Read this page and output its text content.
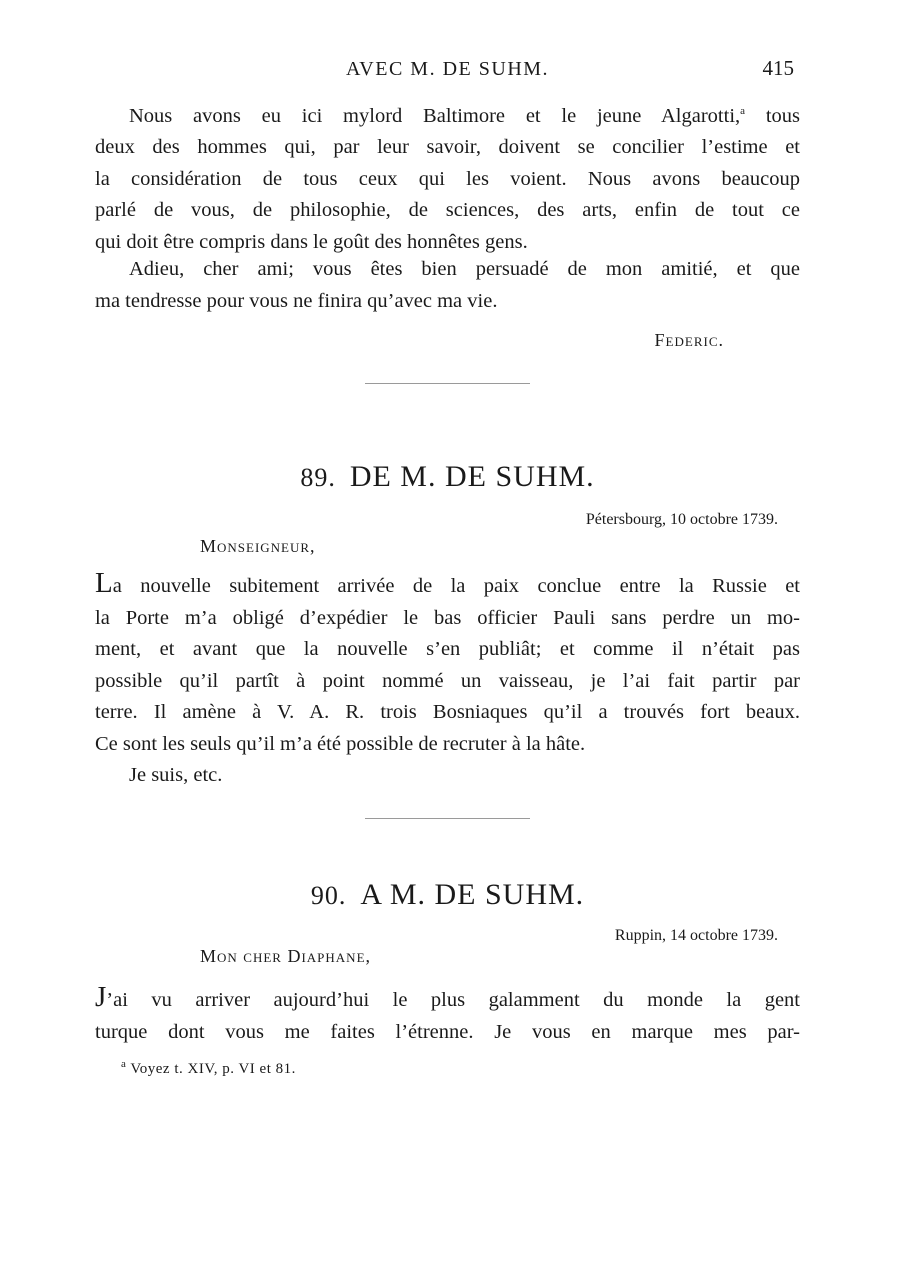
AVEC M. DE SUHM.	415
Nous avons eu ici mylord Baltimore et le jeune Algarotti,$^a$ tous
deux des hommes qui, par leur savoir, doivent se concilier l’estime et
la considération de tous ceux qui les voient. Nous avons beaucoup
parlé de vous, de philosophie, de sciences, des arts, enfin de tout ce
qui doit être compris dans le goût des honnêtes gens.
Adieu, cher ami; vous êtes bien persuadé de mon amitié, et que
ma tendresse pour vous ne finira qu’avec ma vie.
Federic.
89. DE M. DE SUHM.
Pétersbourg, 10 octobre 1739.
Monseigneur,
La nouvelle subitement arrivée de la paix conclue entre la Russie et
la Porte m’a obligé d’expédier le bas officier Pauli sans perdre un mo-
ment, et avant que la nouvelle s’en publiât; et comme il n’était pas
possible qu’il partît à point nommé un vaisseau, je l’ai fait partir par
terre. Il amène à V. A. R. trois Bosniaques qu’il a trouvés fort beaux.
Ce sont les seuls qu’il m’a été possible de recruter à la hâte.
Je suis, etc.
90. A M. DE SUHM.
Ruppin, 14 octobre 1739.
Mon cher Diaphane,
J’ai vu arriver aujourd’hui le plus galamment du monde la gent
turque dont vous me faites l’étrenne. Je vous en marque mes par-
$^a$ Voyez t. XIV, p. VI et 81.
